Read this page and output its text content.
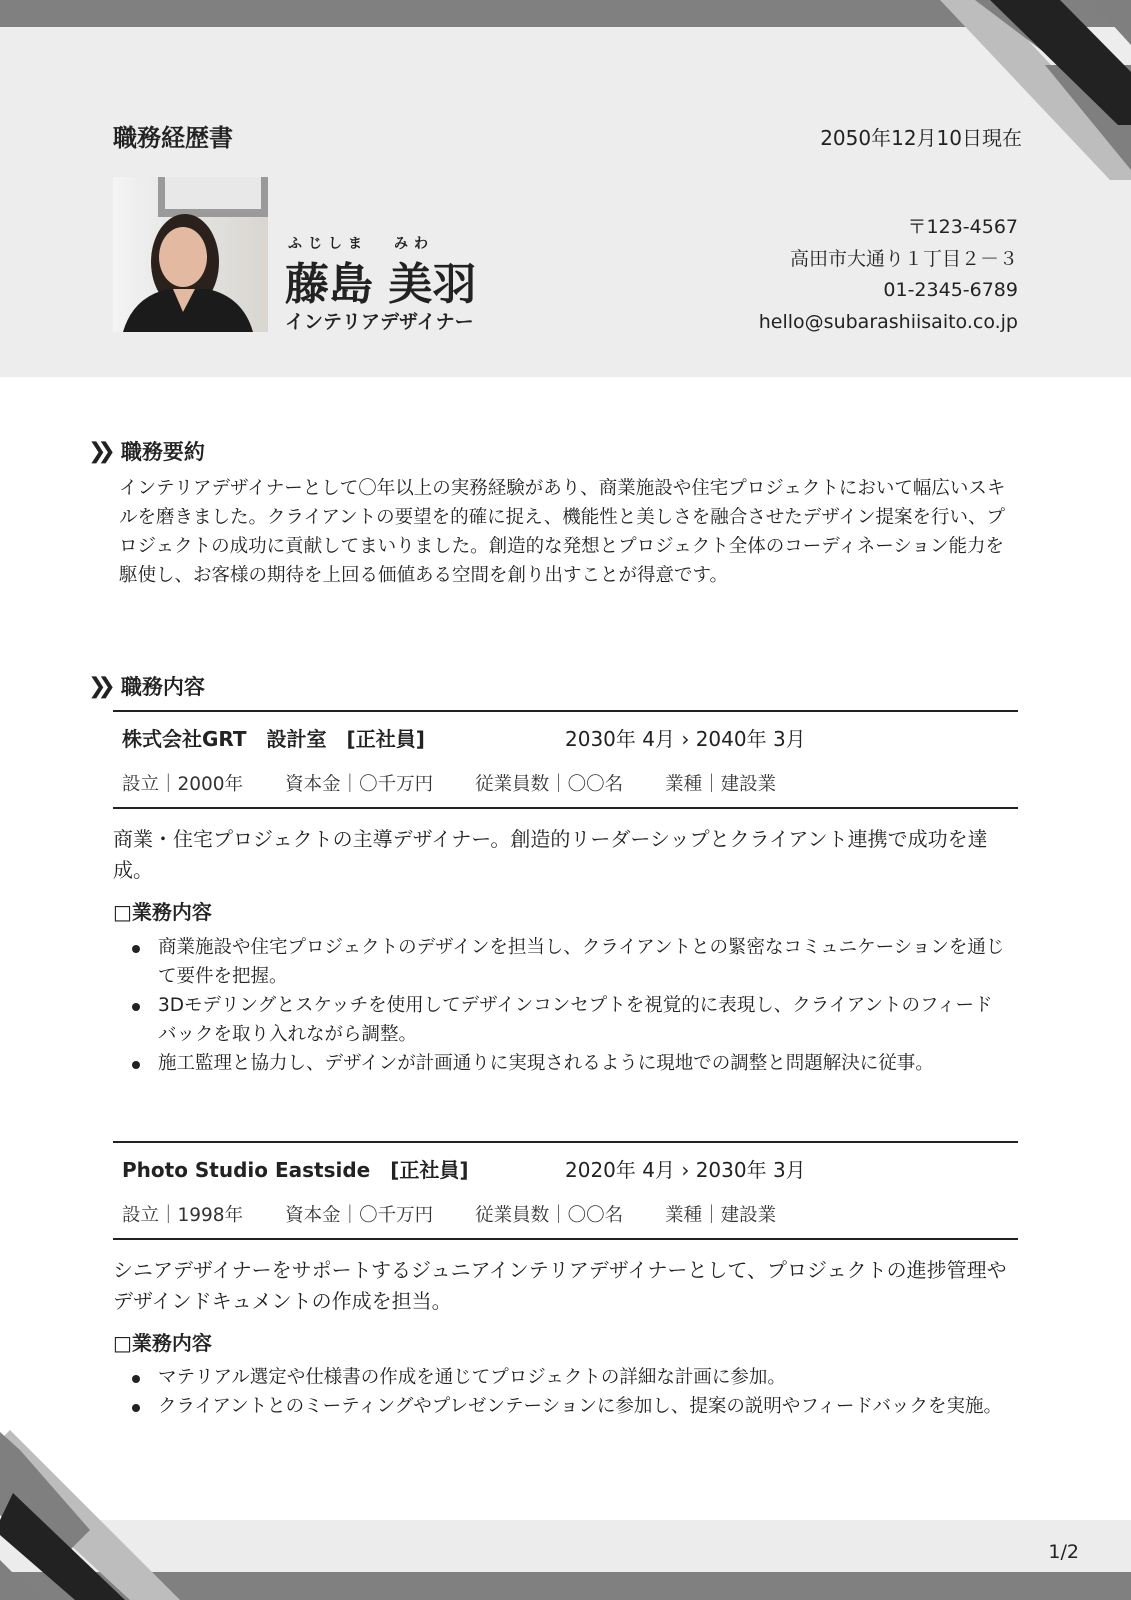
職務経歴書	2050年12月10日現在
ふじしま みわ
藤島 美羽
インテリアデザイナー
〒123-4567
高田市大通り１丁目２－３
01-2345-6789
hello@subarashiisaito.co.jp
❯❯ 職務要約
インテリアデザイナーとして〇年以上の実務経験があり、商業施設や住宅プロジェクトにおいて幅広いスキルを磨きました。クライアントの要望を的確に捉え、機能性と美しさを融合させたデザイン提案を行い、プロジェクトの成功に貢献してまいりました。創造的な発想とプロジェクト全体のコーディネーション能力を駆使し、お客様の期待を上回る価値ある空間を創り出すことが得意です。
❯❯ 職務内容
株式会社GRT　設計室　[正社員]	2030年 4月 › 2040年 3月
設立｜2000年 資本金｜〇千万円 従業員数｜〇〇名 業種｜建設業
商業・住宅プロジェクトの主導デザイナー。創造的リーダーシップとクライアント連携で成功を達成。
□業務内容
商業施設や住宅プロジェクトのデザインを担当し、クライアントとの緊密なコミュニケーションを通じて要件を把握。
3Dモデリングとスケッチを使用してデザインコンセプトを視覚的に表現し、クライアントのフィードバックを取り入れながら調整。
施工監理と協力し、デザインが計画通りに実現されるように現地での調整と問題解決に従事。
Photo Studio Eastside　[正社員]	2020年 4月 › 2030年 3月
設立｜1998年 資本金｜〇千万円 従業員数｜〇〇名 業種｜建設業
シニアデザイナーをサポートするジュニアインテリアデザイナーとして、プロジェクトの進捗管理やデザインドキュメントの作成を担当。
□業務内容
マテリアル選定や仕様書の作成を通じてプロジェクトの詳細な計画に参加。
クライアントとのミーティングやプレゼンテーションに参加し、提案の説明やフィードバックを実施。
1/2
